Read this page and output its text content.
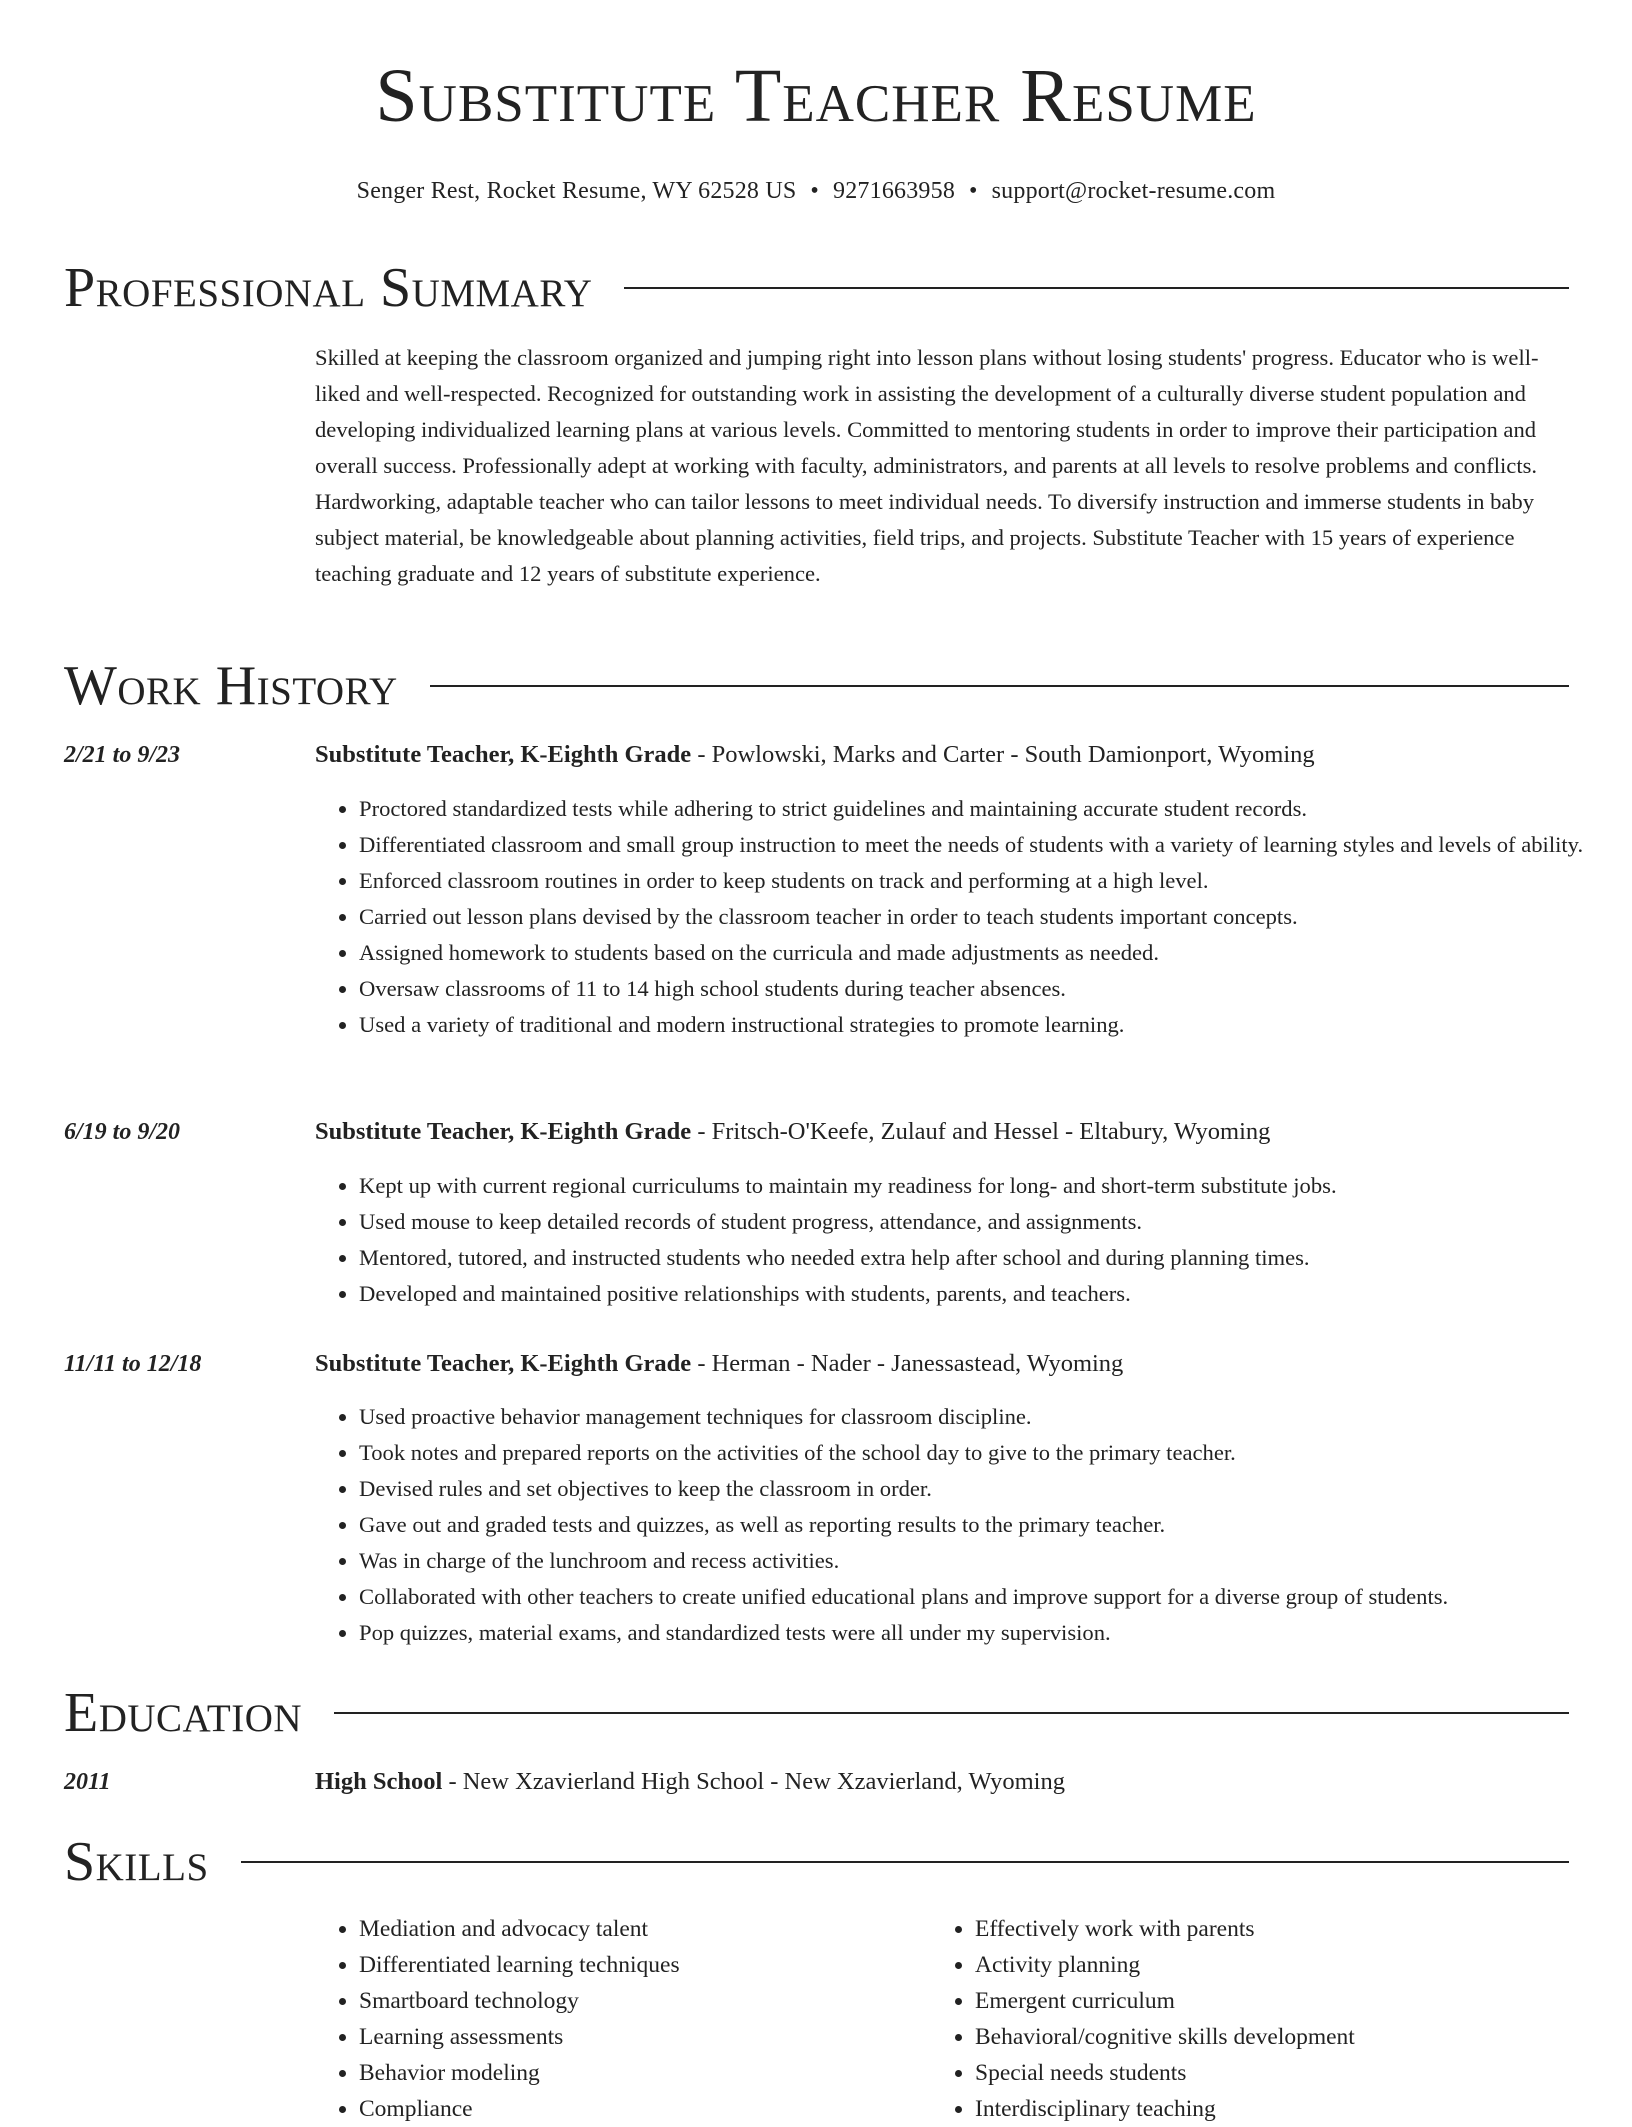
Substitute Teacher Resume
Senger Rest, Rocket Resume, WY 62528 US • 9271663958 • support@rocket-resume.com
Professional Summary

Skilled at keeping the classroom organized and jumping right into lesson plans without losing students' progress. Educator who is well-liked and well-respected. Recognized for outstanding work in assisting the development of a culturally diverse student population and developing individualized learning plans at various levels. Committed to mentoring students in order to improve their participation and overall success. Professionally adept at working with faculty, administrators, and parents at all levels to resolve problems and conflicts. Hardworking, adaptable teacher who can tailor lessons to meet individual needs. To diversify instruction and immerse students in baby subject material, be knowledgeable about planning activities, field trips, and projects. Substitute Teacher with 15 years of experience teaching graduate and 12 years of substitute experience.

Work History
2/21 to 9/23	Substitute Teacher, K-Eighth Grade - Powlowski, Marks and Carter - South Damionport, Wyoming
• Proctored standardized tests while adhering to strict guidelines and maintaining accurate student records.
• Differentiated classroom and small group instruction to meet the needs of students with a variety of learning styles and levels of ability.
• Enforced classroom routines in order to keep students on track and performing at a high level.
• Carried out lesson plans devised by the classroom teacher in order to teach students important concepts.
• Assigned homework to students based on the curricula and made adjustments as needed.
• Oversaw classrooms of 11 to 14 high school students during teacher absences.
• Used a variety of traditional and modern instructional strategies to promote learning.
6/19 to 9/20	Substitute Teacher, K-Eighth Grade - Fritsch-O'Keefe, Zulauf and Hessel - Eltabury, Wyoming
• Kept up with current regional curriculums to maintain my readiness for long- and short-term substitute jobs.
• Used mouse to keep detailed records of student progress, attendance, and assignments.
• Mentored, tutored, and instructed students who needed extra help after school and during planning times.
• Developed and maintained positive relationships with students, parents, and teachers.
11/11 to 12/18	Substitute Teacher, K-Eighth Grade - Herman - Nader - Janessastead, Wyoming
• Used proactive behavior management techniques for classroom discipline.
• Took notes and prepared reports on the activities of the school day to give to the primary teacher.
• Devised rules and set objectives to keep the classroom in order.
• Gave out and graded tests and quizzes, as well as reporting results to the primary teacher.
• Was in charge of the lunchroom and recess activities.
• Collaborated with other teachers to create unified educational plans and improve support for a diverse group of students.
• Pop quizzes, material exams, and standardized tests were all under my supervision.
Education
2011	High School - New Xzavierland High School - New Xzavierland, Wyoming
Skills
• Mediation and advocacy talent
• Differentiated learning techniques
• Smartboard technology
• Learning assessments
• Behavior modeling
• Compliance
• Effectively work with parents
• Activity planning
• Emergent curriculum
• Behavioral/cognitive skills development
• Special needs students
• Interdisciplinary teaching
